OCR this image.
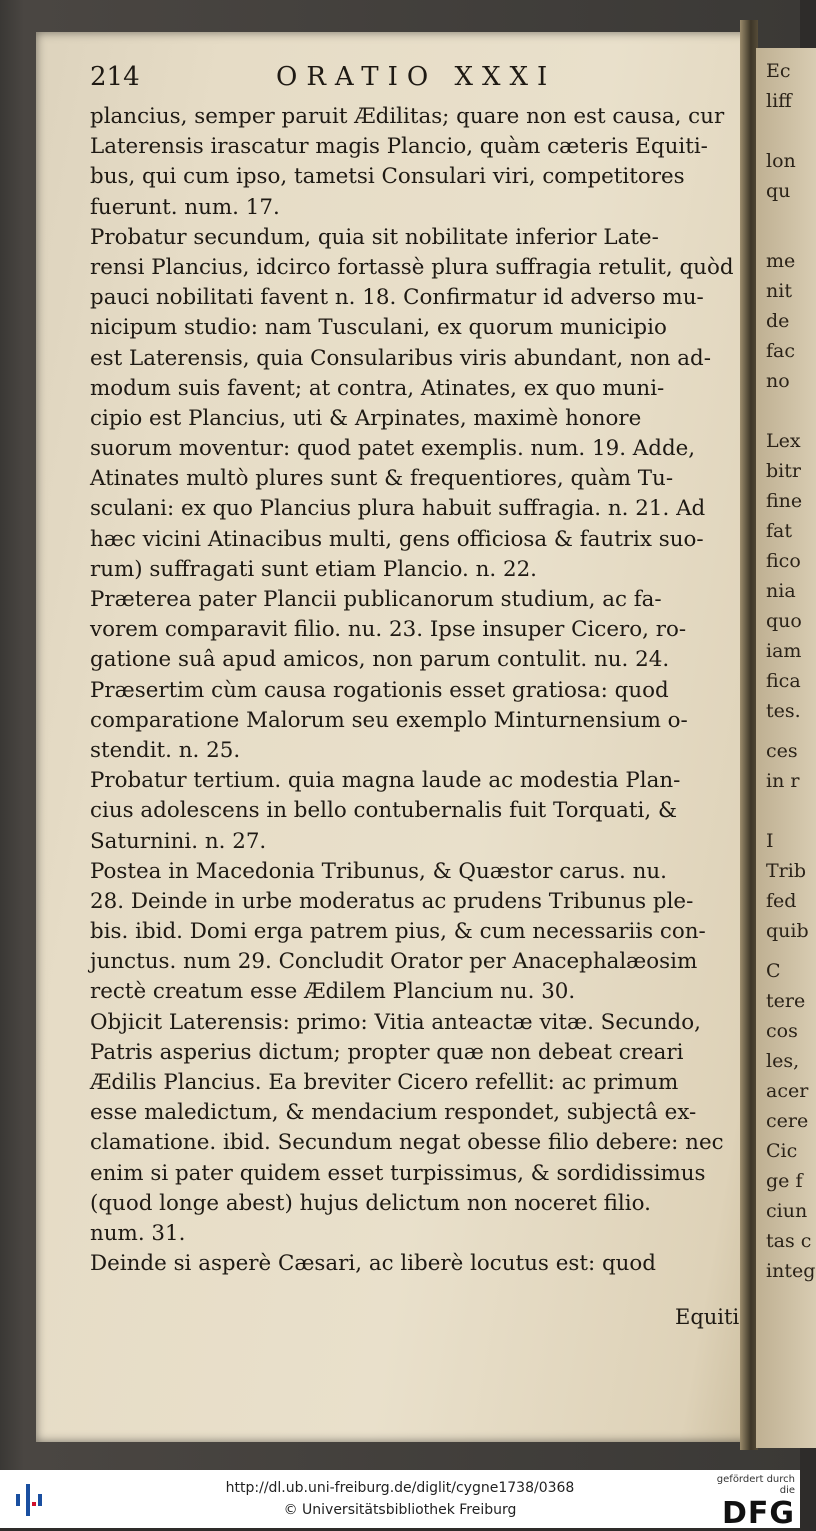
Ec
liff
lon
qu
me
nit
de
fac
no
Lex
bitr
fine
fat
fico
nia
quo
iam
fica
tes.
ces
in r
I
Trib
fed
quib
C
tere
cos
les,
acer
cere
Cic
ge f
ciun
tas c
integ
214	ORATIO XXXI
plancius, semper paruit Ædilitas; quare non est causa, cur
Laterensis irascatur magis Plancio, quàm cæteris Equiti-
bus, qui cum ipso, tametsi Consulari viri, competitores
fuerunt. num. 17.
Probatur secundum, quia sit nobilitate inferior Late-
rensi Plancius, idcirco fortassè plura suffragia retulit, quòd
pauci nobilitati favent n. 18. Confirmatur id adverso mu-
nicipum studio: nam Tusculani, ex quorum municipio
est Laterensis, quia Consularibus viris abundant, non ad-
modum suis favent; at contra, Atinates, ex quo muni-
cipio est Plancius, uti & Arpinates, maximè honore
suorum moventur: quod patet exemplis. num. 19. Adde,
Atinates multò plures sunt & frequentiores, quàm Tu-
sculani: ex quo Plancius plura habuit suffragia. n. 21. Ad
hæc vicini Atinacibus multi, gens officiosa & fautrix suo-
rum) suffragati sunt etiam Plancio. n. 22.
Præterea pater Plancii publicanorum studium, ac fa-
vorem comparavit filio. nu. 23. Ipse insuper Cicero, ro-
gatione suâ apud amicos, non parum contulit. nu. 24.
Præsertim cùm causa rogationis esset gratiosa: quod
comparatione Malorum seu exemplo Minturnensium o-
stendit. n. 25.
Probatur tertium. quia magna laude ac modestia Plan-
cius adolescens in bello contubernalis fuit Torquati, &
Saturnini. n. 27.
Postea in Macedonia Tribunus, & Quæstor carus. nu.
28. Deinde in urbe moderatus ac prudens Tribunus ple-
bis. ibid. Domi erga patrem pius, & cum necessariis con-
junctus. num 29. Concludit Orator per Anacephalæosim
rectè creatum esse Ædilem Plancium nu. 30.
Objicit Laterensis: primo: Vitia anteactæ vitæ. Secundo,
Patris asperius dictum; propter quæ non debeat creari
Ædilis Plancius. Ea breviter Cicero refellit: ac primum
esse maledictum, & mendacium respondet, subjectâ ex-
clamatione. ibid. Secundum negat obesse filio debere: nec
enim si pater quidem esset turpissimus, & sordidissimus
(quod longe abest) hujus delictum non noceret filio.
num. 31.
Deinde si asperè Cæsari, ac liberè locutus est: quod
Equiti
http://dl.ub.uni-freiburg.de/diglit/cygne1738/0368
© Universitätsbibliothek Freiburg
gefördert durch die
DFG
